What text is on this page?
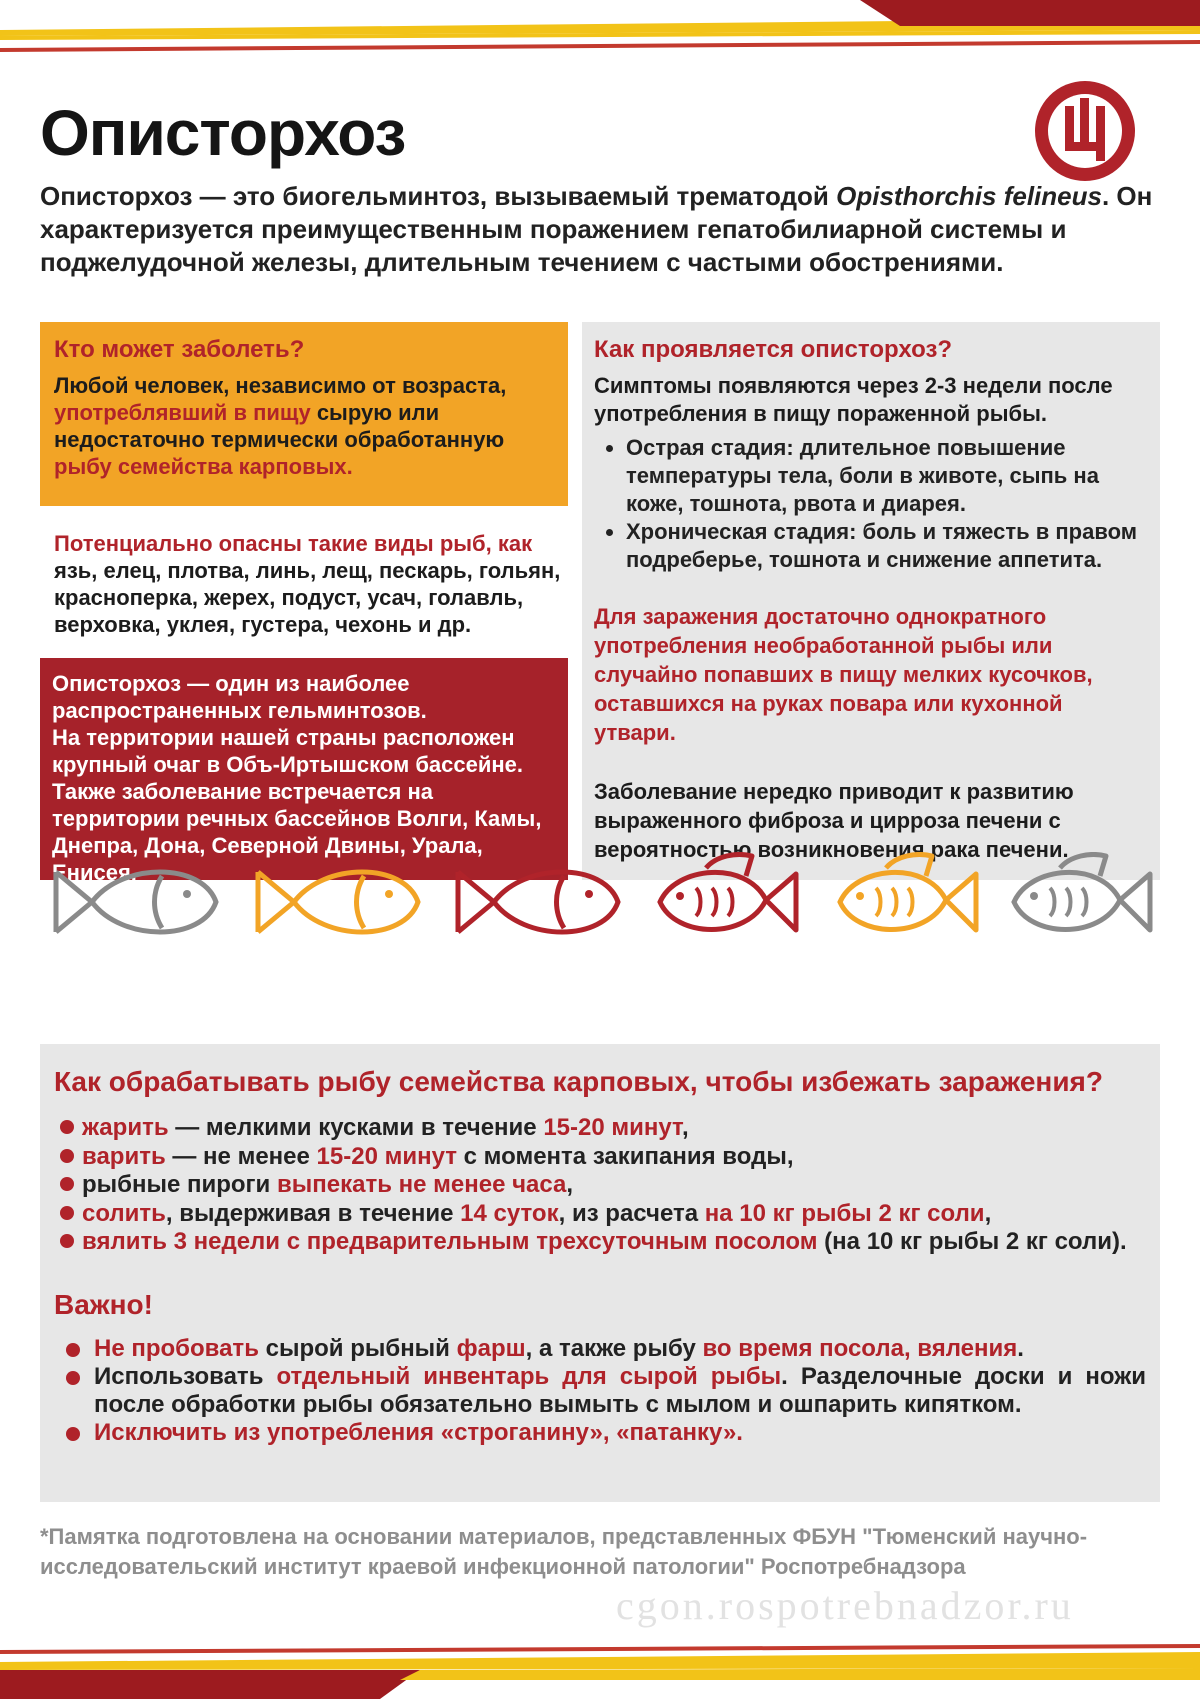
Описторхоз
Описторхоз — это биогельминтоз, вызываемый трематодой Opisthorchis felineus. Он характеризуется преимущественным поражением гепатобилиарной системы и поджелудочной железы, длительным течением с частыми обострениями.
Кто может заболеть?
Любой человек, независимо от возраста, употреблявший в пищу сырую или недостаточно термически обработанную рыбу семейства карповых.
Потенциально опасны такие виды рыб, как язь, елец, плотва, линь, лещ, пескарь, гольян, красноперка, жерех, подуст, усач, голавль, верховка, уклея, густера, чехонь и др.
Описторхоз — один из наиболее распространенных гельминтозов.
На территории нашей страны расположен крупный очаг в Объ-Иртышском бассейне.
Также заболевание встречается на территории речных бассейнов Волги, Камы, Днепра, Дона, Северной Двины, Урала, Енисея.
Как проявляется описторхоз?
Симптомы появляются через 2-3 недели после употребления в пищу пораженной рыбы.
• Острая стадия: длительное повышение температуры тела, боли в животе, сыпь на коже, тошнота, рвота и диарея.
• Хроническая стадия: боль и тяжесть в правом подреберье, тошнота и снижение аппетита.
Для заражения достаточно однократного употребления необработанной рыбы или случайно попавших в пищу мелких кусочков, оставшихся на руках повара или кухонной утвари.
Заболевание нередко приводит к развитию выраженного фиброза и цирроза печени с вероятностью возникновения рака печени.
Как обрабатывать рыбу семейства карповых, чтобы избежать заражения?
жарить — мелкими кусками в течение 15-20 минут,
варить — не менее 15-20 минут с момента закипания воды,
рыбные пироги выпекать не менее часа,
солить, выдерживая в течение 14 суток, из расчета на 10 кг рыбы 2 кг соли,
вялить 3 недели с предварительным трехсуточным посолом (на 10 кг рыбы 2 кг соли).
Важно!
Не пробовать сырой рыбный фарш, а также рыбу во время посола, вяления.
Использовать отдельный инвентарь для сырой рыбы. Разделочные доски и ножи после обработки рыбы обязательно вымыть с мылом и ошпарить кипятком.
Исключить из употребления «строганину», «патанку».
*Памятка подготовлена на основании материалов, представленных ФБУН "Тюменский научно-исследовательский институт краевой инфекционной патологии" Роспотребнадзора
cgon.rospotrebnadzor.ru
